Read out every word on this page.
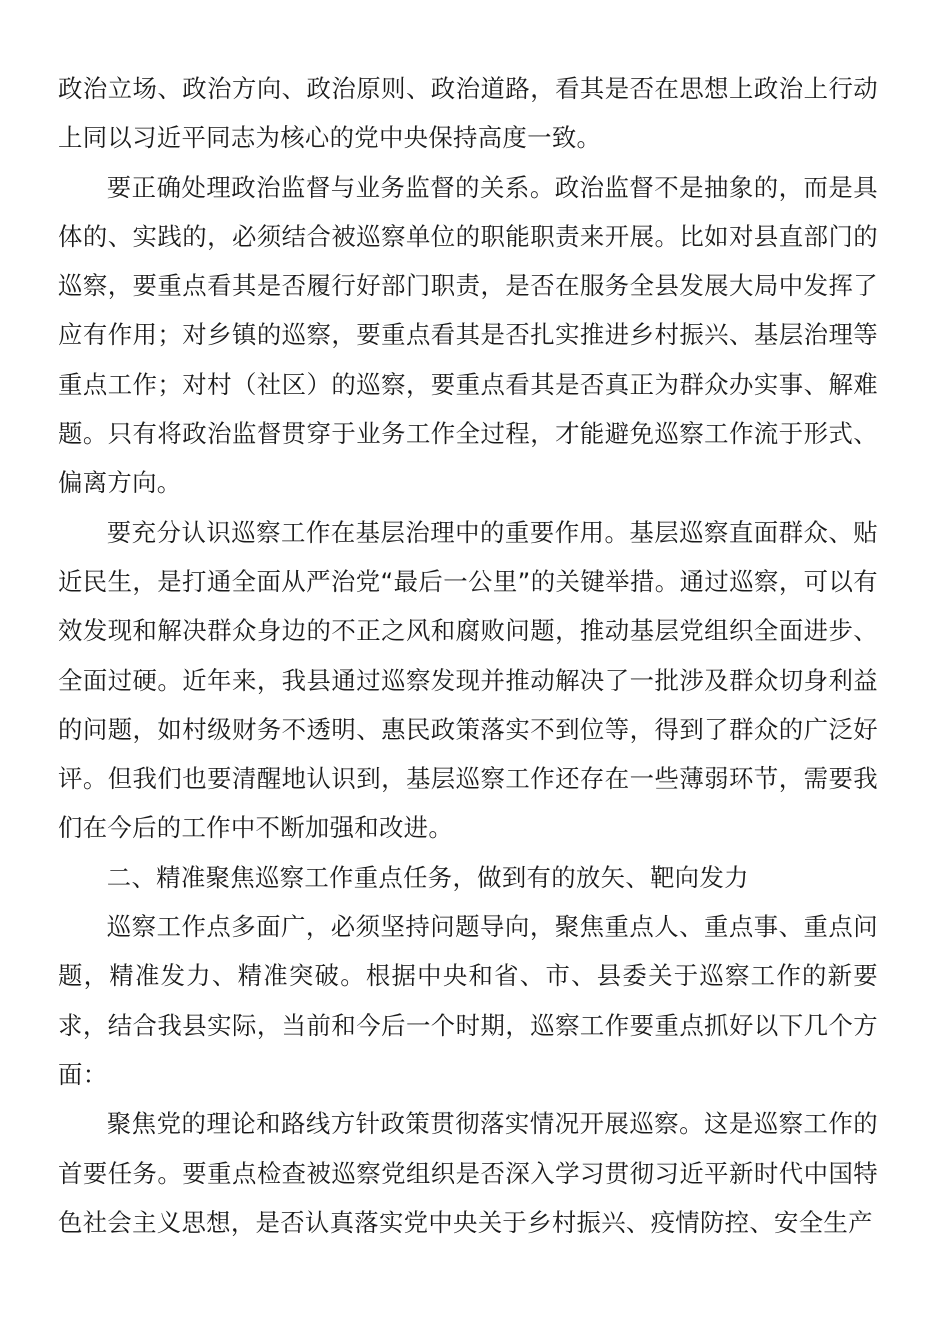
政治立场、政治方向、政治原则、政治道路，看其是否在思想上政治上行动上同以习近平同志为核心的党中央保持高度一致。

要正确处理政治监督与业务监督的关系。政治监督不是抽象的，而是具体的、实践的，必须结合被巡察单位的职能职责来开展。比如对县直部门的巡察，要重点看其是否履行好部门职责，是否在服务全县发展大局中发挥了应有作用；对乡镇的巡察，要重点看其是否扎实推进乡村振兴、基层治理等重点工作；对村（社区）的巡察，要重点看其是否真正为群众办实事、解难题。只有将政治监督贯穿于业务工作全过程，才能避免巡察工作流于形式、偏离方向。

要充分认识巡察工作在基层治理中的重要作用。基层巡察直面群众、贴近民生，是打通全面从严治党“最后一公里”的关键举措。通过巡察，可以有效发现和解决群众身边的不正之风和腐败问题，推动基层党组织全面进步、全面过硬。近年来，我县通过巡察发现并推动解决了一批涉及群众切身利益的问题，如村级财务不透明、惠民政策落实不到位等，得到了群众的广泛好评。但我们也要清醒地认识到，基层巡察工作还存在一些薄弱环节，需要我们在今后的工作中不断加强和改进。

二、精准聚焦巡察工作重点任务，做到有的放矢、靶向发力

巡察工作点多面广，必须坚持问题导向，聚焦重点人、重点事、重点问题，精准发力、精准突破。根据中央和省、市、县委关于巡察工作的新要求，结合我县实际，当前和今后一个时期，巡察工作要重点抓好以下几个方面：

聚焦党的理论和路线方针政策贯彻落实情况开展巡察。这是巡察工作的首要任务。要重点检查被巡察党组织是否深入学习贯彻习近平新时代中国特色社会主义思想，是否认真落实党中央关于乡村振兴、疫情防控、安全生产
